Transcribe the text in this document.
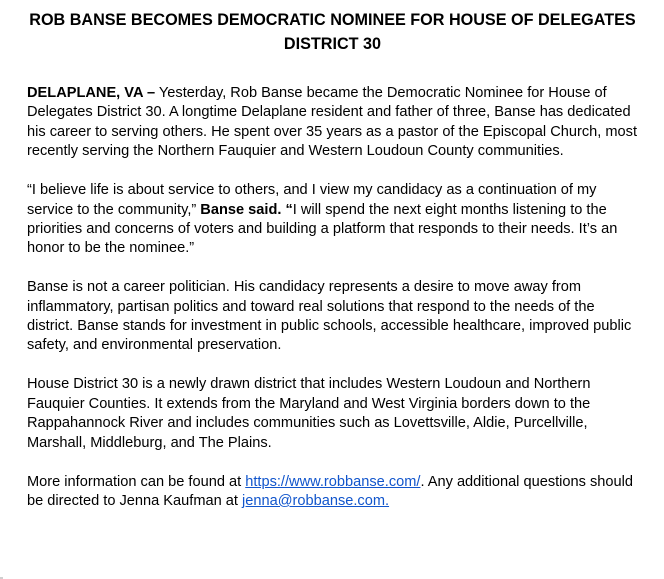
ROB BANSE BECOMES DEMOCRATIC NOMINEE FOR HOUSE OF DELEGATES DISTRICT 30

DELAPLANE, VA – Yesterday, Rob Banse became the Democratic Nominee for House of Delegates District 30. A longtime Delaplane resident and father of three, Banse has dedicated his career to serving others. He spent over 35 years as a pastor of the Episcopal Church, most recently serving the Northern Fauquier and Western Loudoun County communities.

“I believe life is about service to others, and I view my candidacy as a continuation of my service to the community,” Banse said. “I will spend the next eight months listening to the priorities and concerns of voters and building a platform that responds to their needs. It’s an honor to be the nominee.”

Banse is not a career politician. His candidacy represents a desire to move away from inflammatory, partisan politics and toward real solutions that respond to the needs of the district. Banse stands for investment in public schools, accessible healthcare, improved public safety, and environmental preservation.

House District 30 is a newly drawn district that includes Western Loudoun and Northern Fauquier Counties. It extends from the Maryland and West Virginia borders down to the Rappahannock River and includes communities such as Lovettsville, Aldie, Purcellville, Marshall, Middleburg, and The Plains.

More information can be found at https://www.robbanse.com/. Any additional questions should be directed to Jenna Kaufman at jenna@robbanse.com.
